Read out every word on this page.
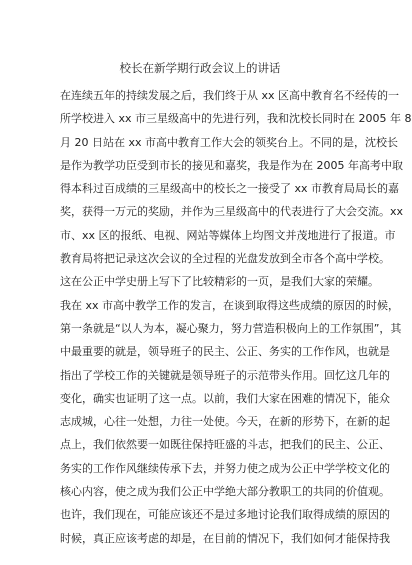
校长在新学期行政会议上的讲话
在连续五年的持续发展之后，我们终于从 xx 区高中教育名不经传的一
所学校进入 xx 市三星级高中的先进行列，我和沈校长同时在 2005 年 8
月 20 日站在 xx 市高中教育工作大会的领奖台上。不同的是，沈校长
是作为教学功臣受到市长的接见和嘉奖，我是作为在 2005 年高考中取
得本科过百成绩的三星级高中的校长之一接受了 xx 市教育局局长的嘉
奖，获得一万元的奖励，并作为三星级高中的代表进行了大会交流。xx
市、xx 区的报纸、电视、网站等媒体上均图文并茂地进行了报道。市
教育局将把记录这次会议的全过程的光盘发放到全市各个高中学校。
这在公正中学史册上写下了比较精彩的一页，是我们大家的荣耀。
我在 xx 市高中教学工作的发言，在谈到取得这些成绩的原因的时候，
第一条就是“以人为本，凝心聚力，努力营造积极向上的工作氛围”，其
中最重要的就是，领导班子的民主、公正、务实的工作作风，也就是
指出了学校工作的关键就是领导班子的示范带头作用。回忆这几年的
变化，确实也证明了这一点。以前，我们大家在困难的情况下，能众
志成城，心往一处想，力往一处使。今天，在新的形势下，在新的起
点上，我们依然要一如既往保持旺盛的斗志，把我们的民主、公正、
务实的工作作风继续传承下去，并努力使之成为公正中学学校文化的
核心内容，使之成为我们公正中学绝大部分教职工的共同的价值观。
也许，我们现在，可能应该还不是过多地讨论我们取得成绩的原因的
时候，真正应该考虑的却是，在目前的情况下，我们如何才能保持我
